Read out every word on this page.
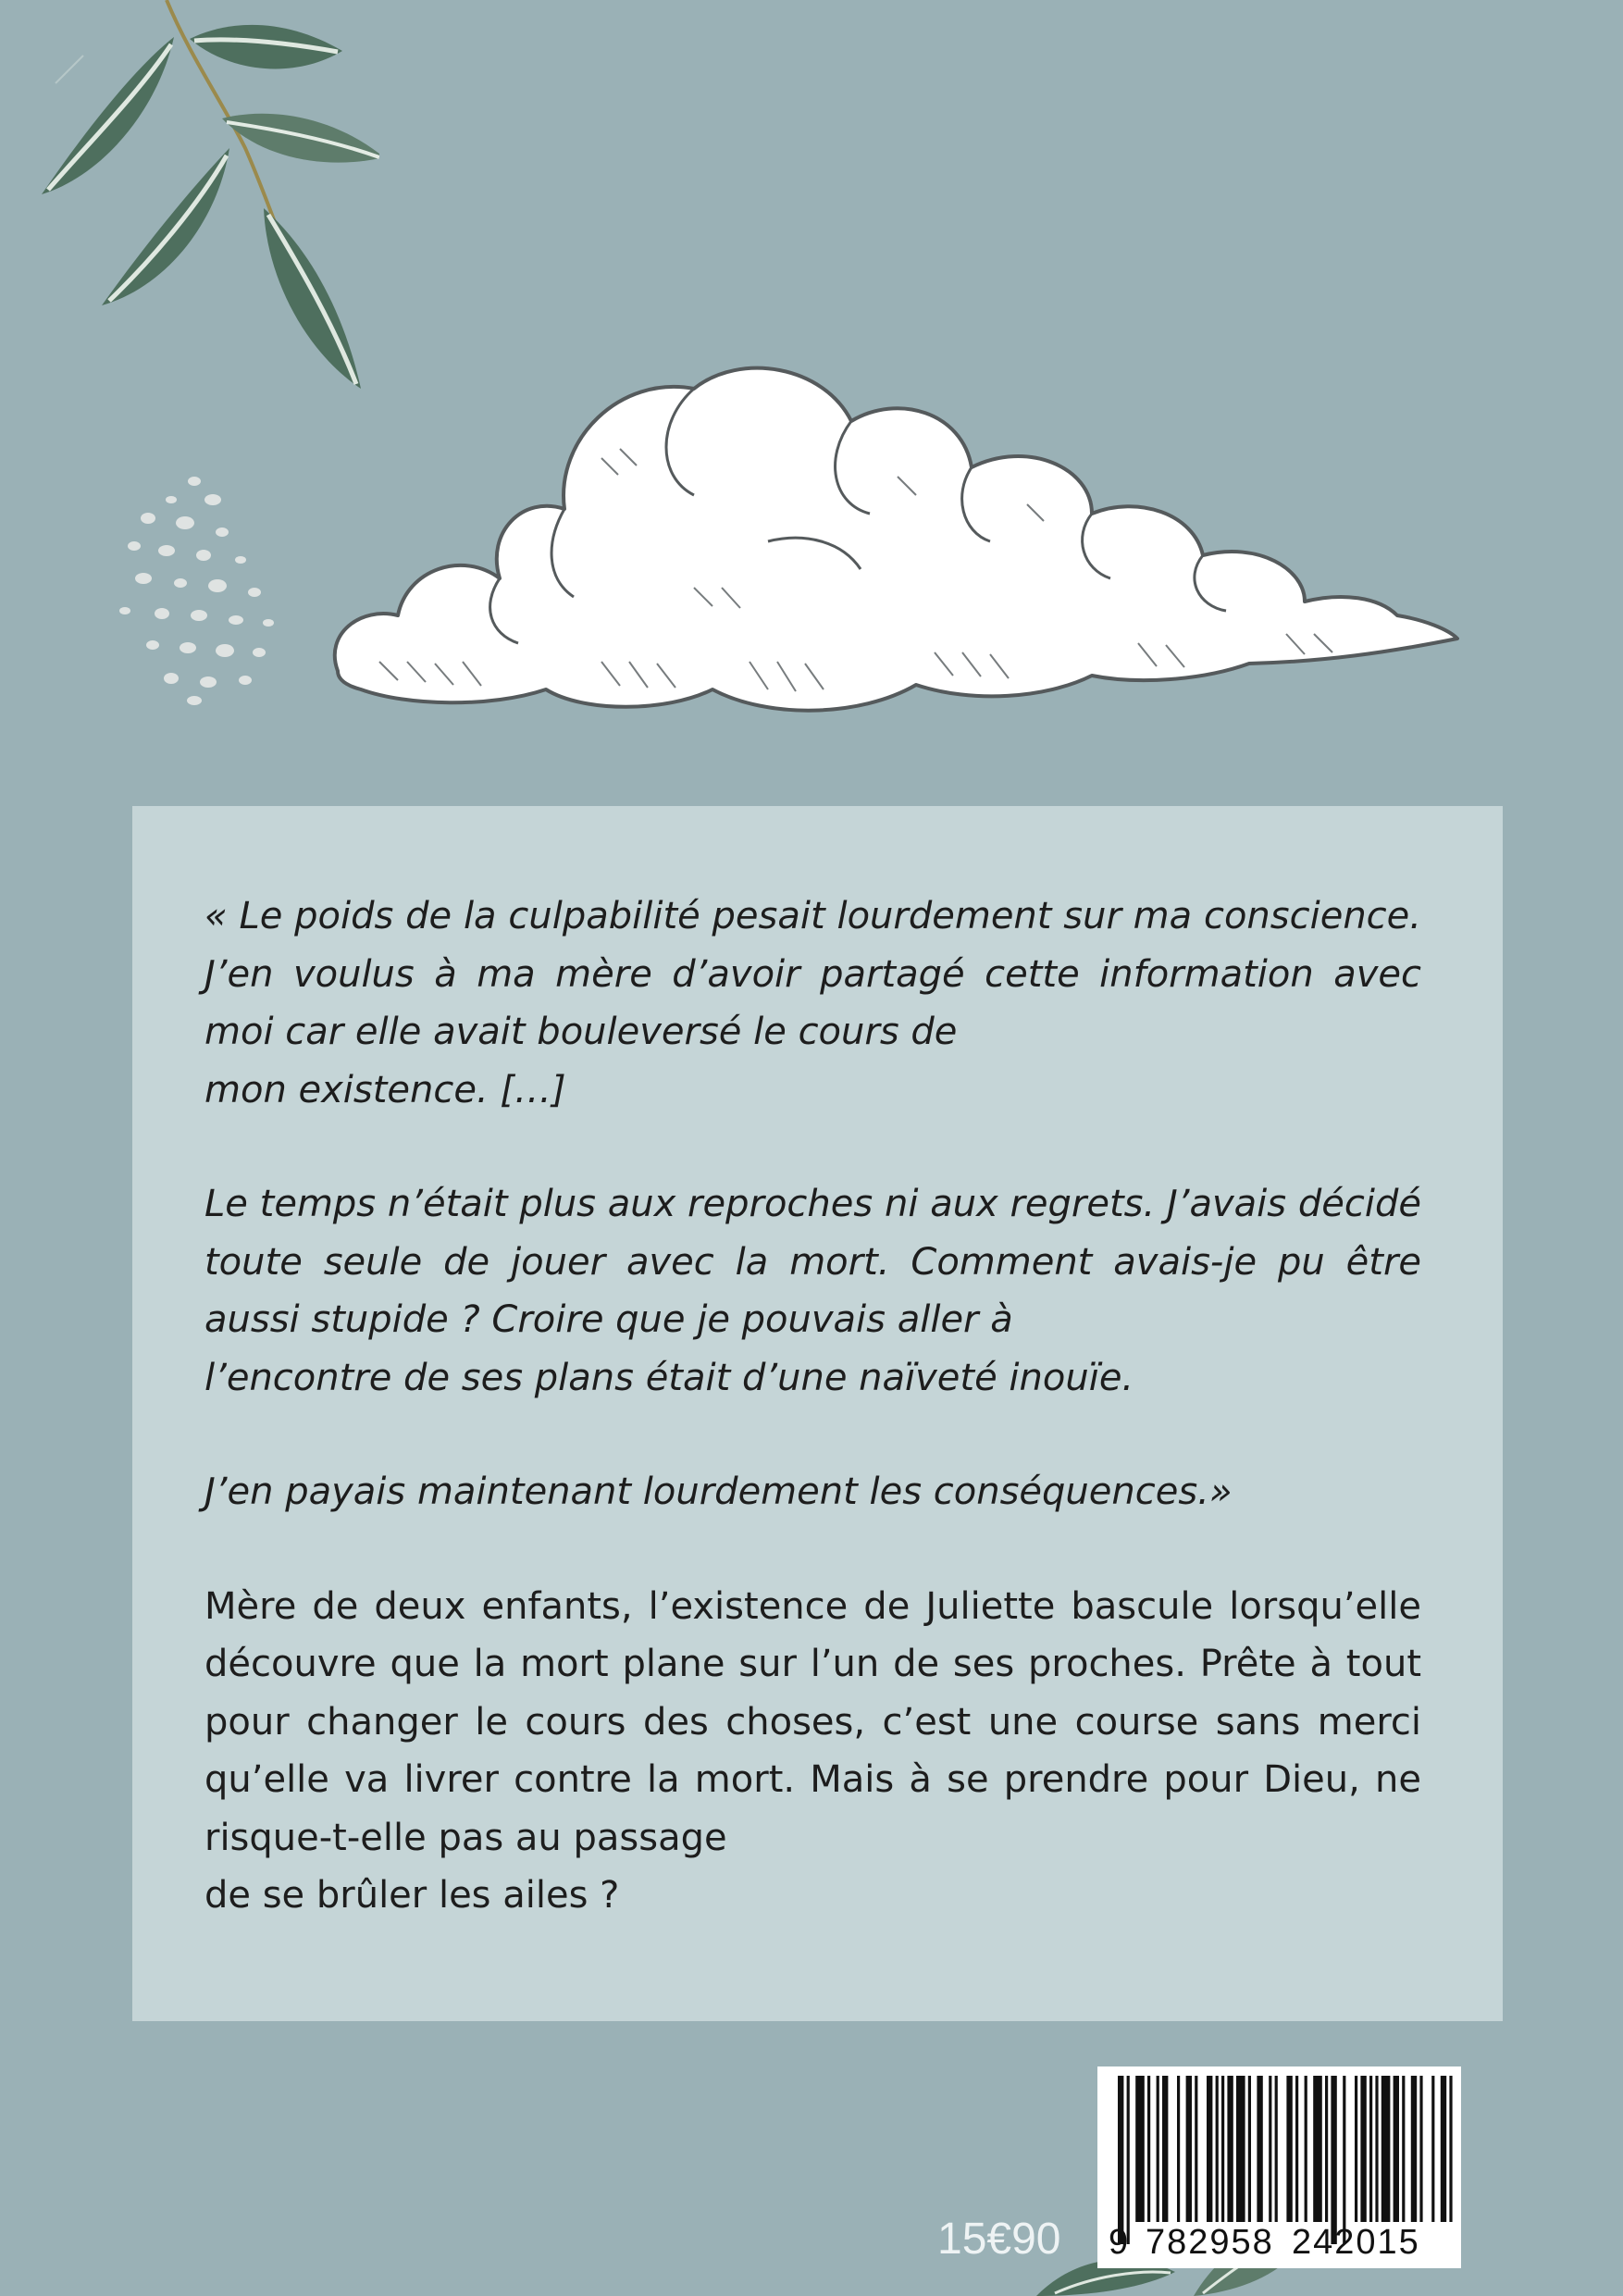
« Le poids de la culpabilité pesait lourdement sur ma conscience. J’en voulus à ma mère d’avoir partagé cette information avec moi car elle avait bouleversé le cours de
mon existence. […]

Le temps n’était plus aux reproches ni aux regrets. J’avais décidé toute seule de jouer avec la mort. Comment avais-je pu être aussi stupide ? Croire que je pouvais aller à
l’encontre de ses plans était d’une naïveté inouïe.

J’en payais maintenant lourdement les conséquences.»

Mère de deux enfants, l’existence de Juliette bascule lorsqu’elle découvre que la mort plane sur l’un de ses proches. Prête à tout pour changer le cours des choses, c’est une course sans merci qu’elle va livrer contre la mort. Mais à se prendre pour Dieu, ne risque-t-elle pas au passage
de se brûler les ailes ?

15€90 9 782958 242015
